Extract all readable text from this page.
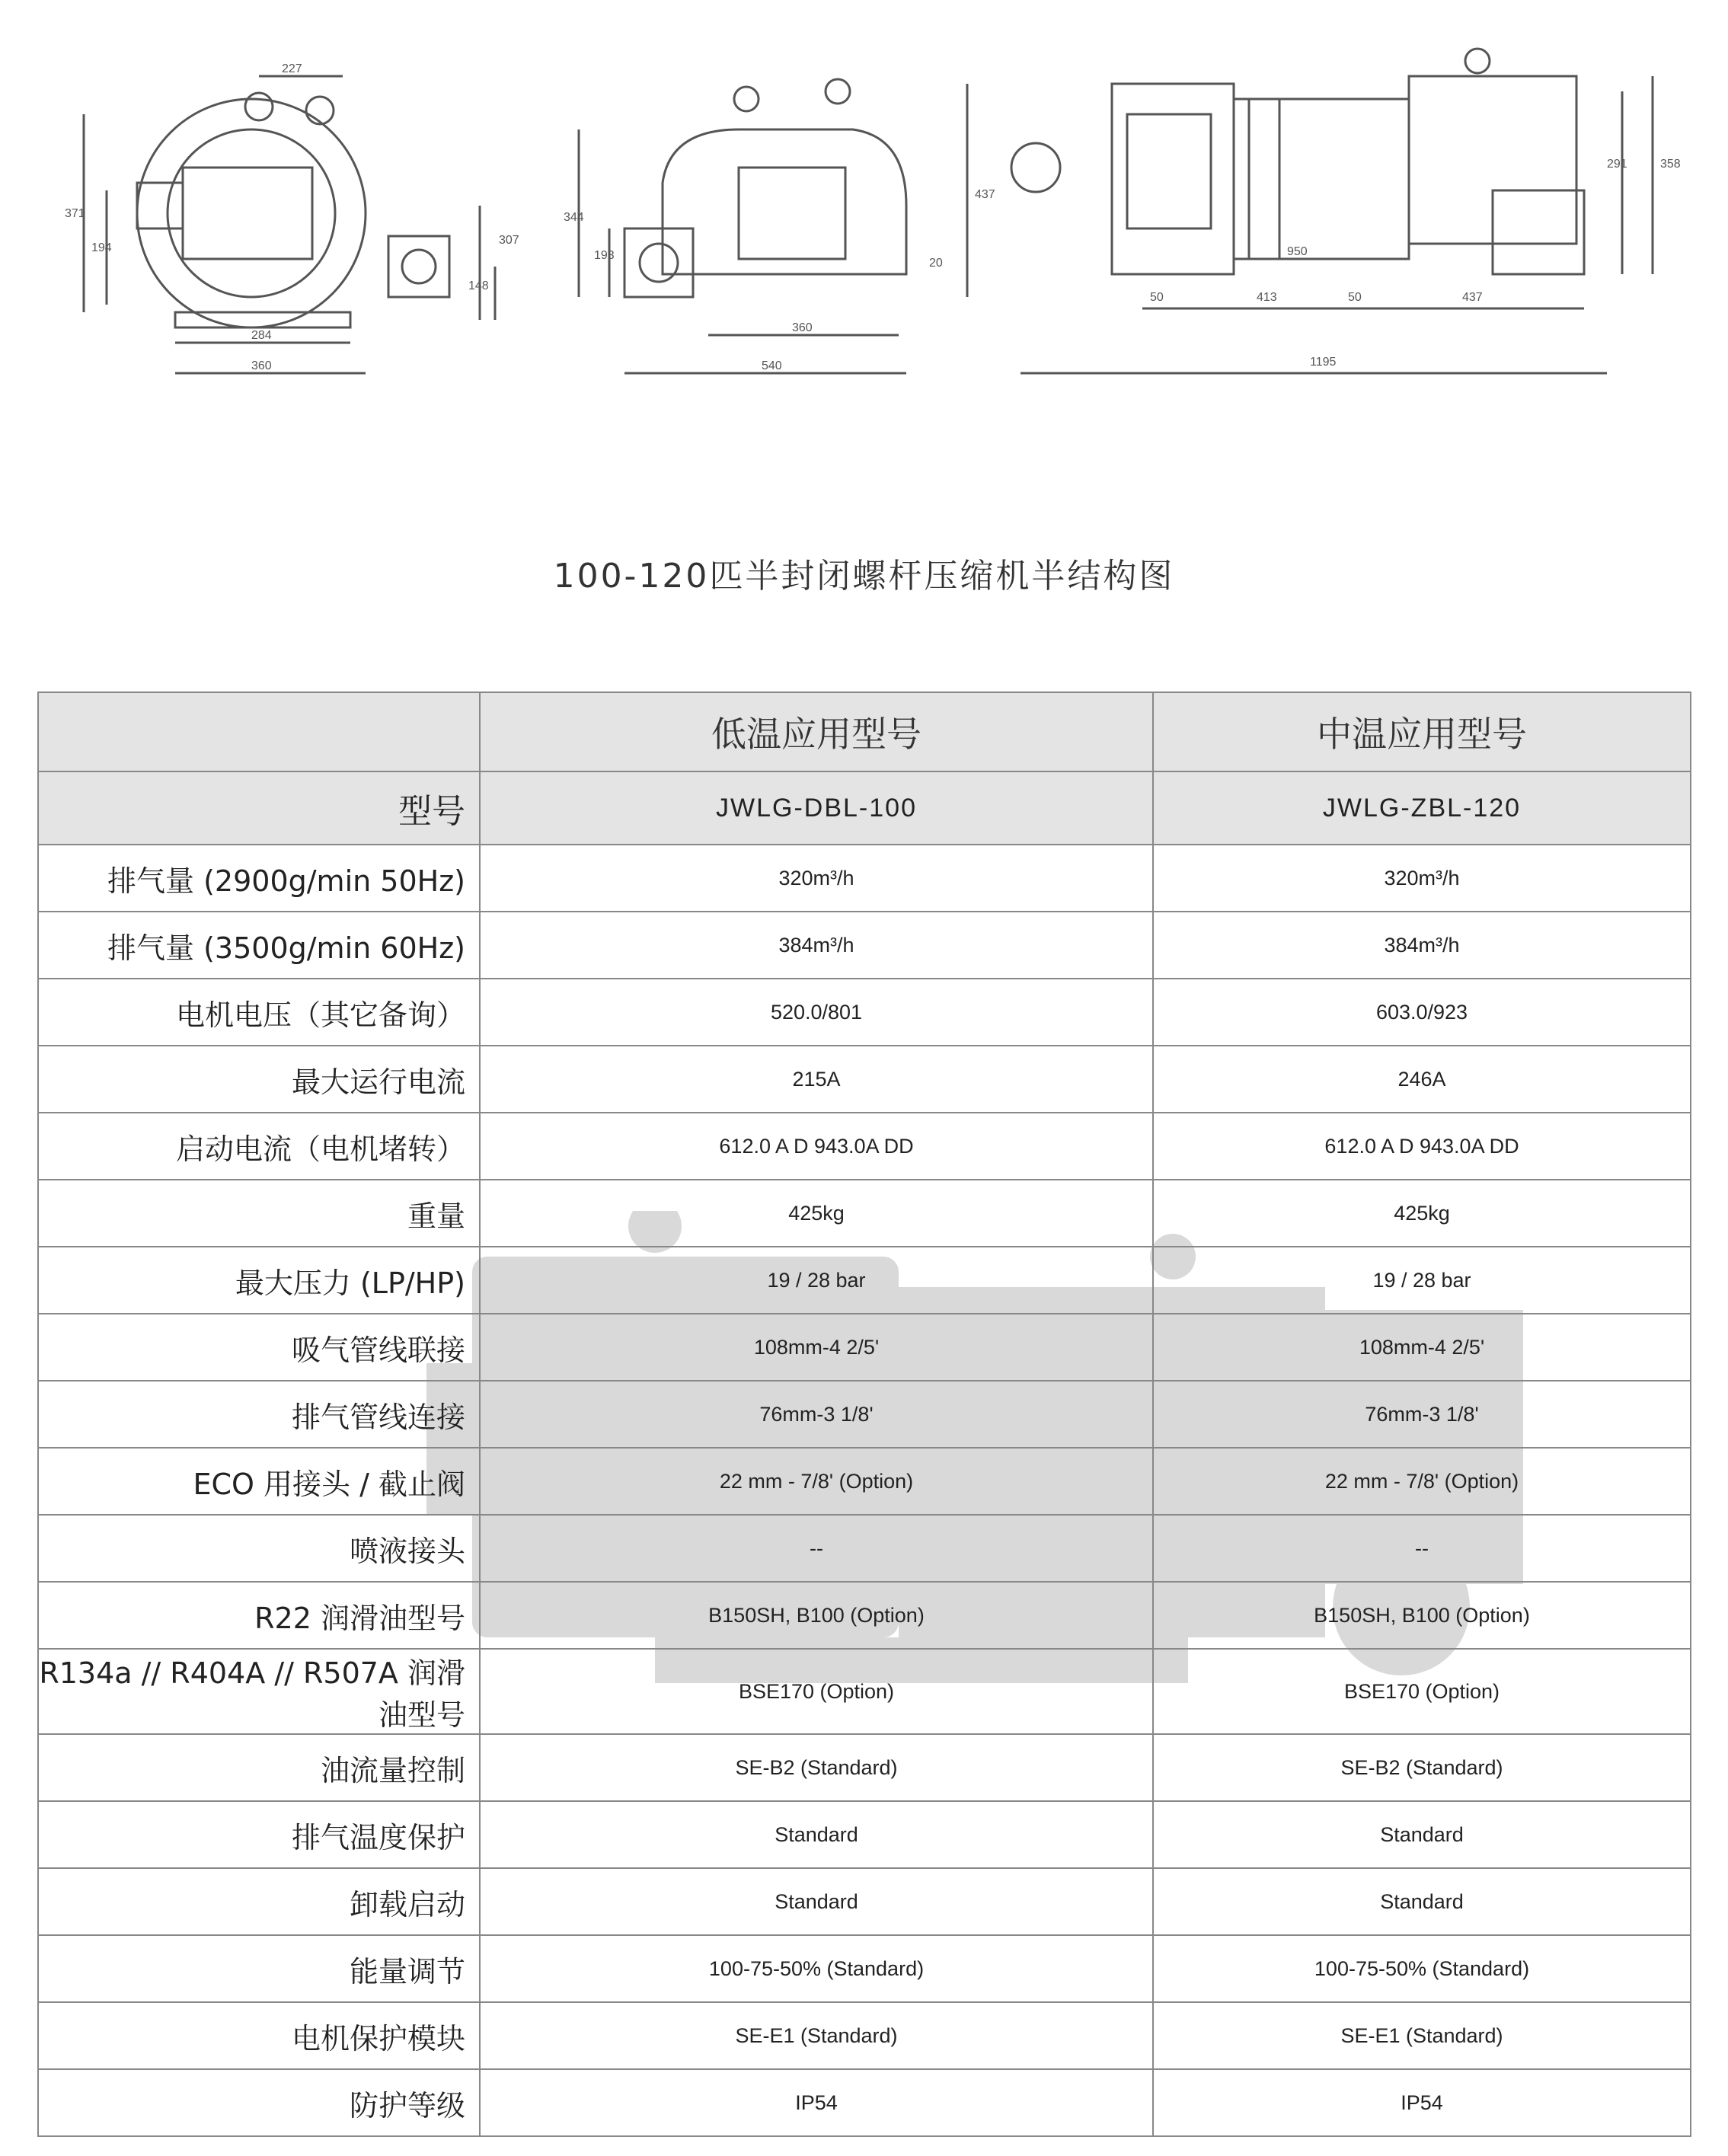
227
371
194
307
148
284
360
344
193
437
20
360
540
291	358
950
50	413	50	437
1195
100-120匹半封闭螺杆压缩机半结构图
	低温应用型号	中温应用型号
型号	JWLG-DBL-100	JWLG-ZBL-120
排气量 (2900g/min 50Hz)	320m³/h	320m³/h
排气量 (3500g/min 60Hz)	384m³/h	384m³/h
电机电压（其它备询）	520.0/801	603.0/923
最大运行电流	215A	246A
启动电流（电机堵转）	612.0 A D 943.0A DD	612.0 A D 943.0A DD
重量	425kg	425kg
最大压力 (LP/HP)	19 / 28 bar	19 / 28 bar
吸气管线联接	108mm-4 2/5'	108mm-4 2/5'
排气管线连接	76mm-3 1/8'	76mm-3 1/8'
ECO 用接头 / 截止阀	22 mm - 7/8' (Option)	22 mm - 7/8' (Option)
喷液接头	--	--
R22 润滑油型号	B150SH, B100 (Option)	B150SH, B100 (Option)
R134a // R404A // R507A 润滑油型号	BSE170 (Option)	BSE170 (Option)
油流量控制	SE-B2 (Standard)	SE-B2 (Standard)
排气温度保护	Standard	Standard
卸载启动	Standard	Standard
能量调节	100-75-50% (Standard)	100-75-50% (Standard)
电机保护模块	SE-E1 (Standard)	SE-E1 (Standard)
防护等级	IP54	IP54
